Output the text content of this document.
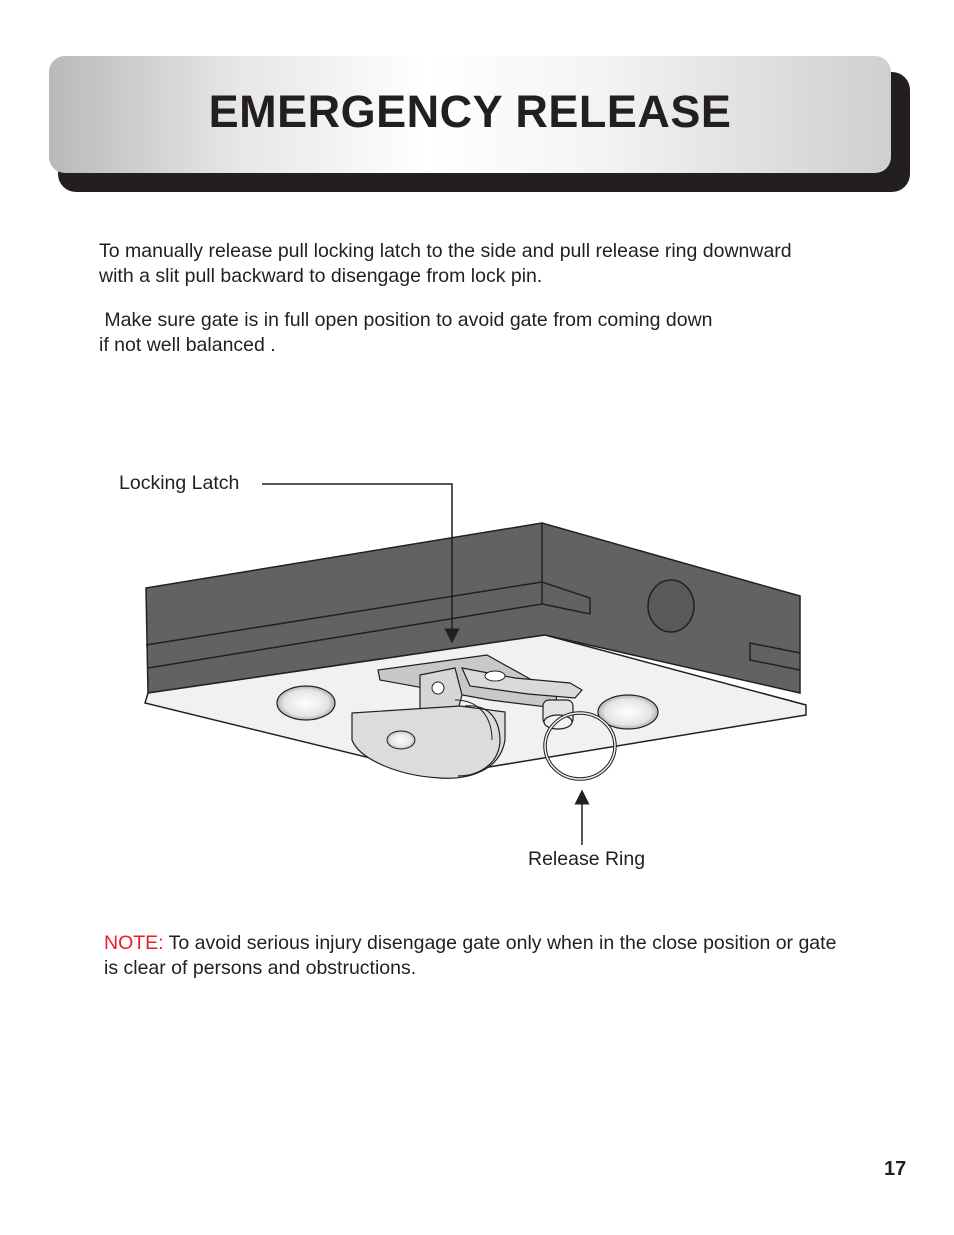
EMERGENCY RELEASE

To manually release pull locking latch to the side and pull release ring downward
with a slit pull backward to disengage from lock pin.

Make sure gate is in full open position to avoid gate from coming down
if not well balanced .

Locking Latch
Release Ring

NOTE: To avoid serious injury disengage gate only when in the close position or gate
is clear of persons and obstructions.

17
